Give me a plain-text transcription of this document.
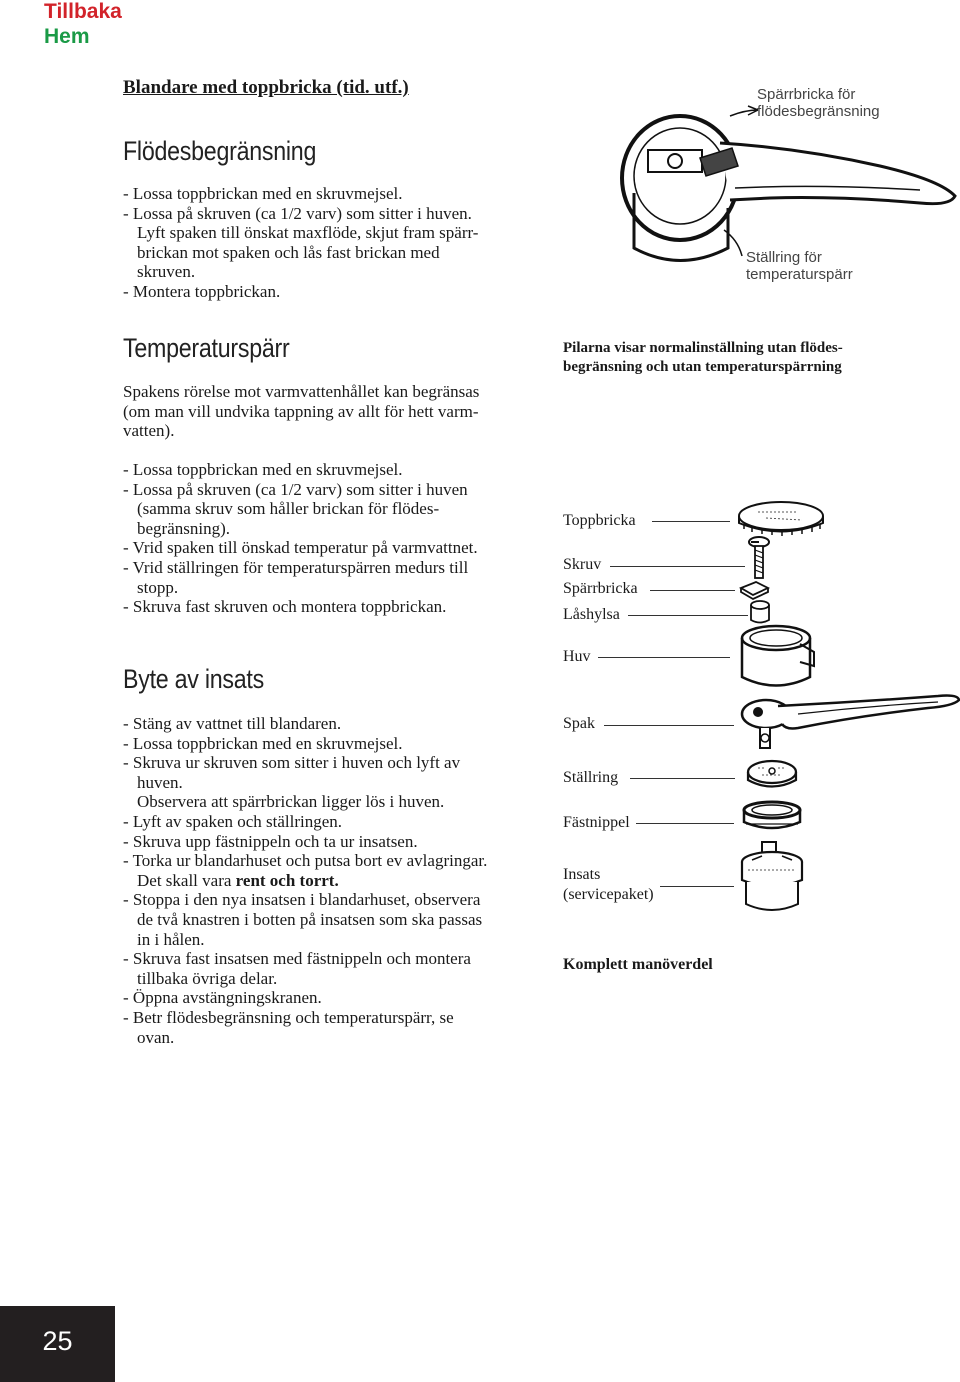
Tillbaka
Hem
Blandare med toppbricka (tid. utf.)
Flödesbegränsning
- Lossa toppbrickan med en skruvmejsel.
- Lossa på skruven (ca 1/2 varv) som sitter i huven.
Lyft spaken till önskat maxflöde, skjut fram spärr-
brickan mot spaken och lås fast brickan med
skruven.
- Montera toppbrickan.
Spärrbricka för
flödesbegränsning
Ställring för
temperaturspärr
Temperaturspärr

Spakens rörelse mot varmvattenhållet kan begränsas
(om man vill undvika tappning av allt för hett varm-
vatten).

- Lossa toppbrickan med en skruvmejsel.
- Lossa på skruven (ca 1/2 varv) som sitter i huven
(samma skruv som håller brickan för flödes-
begränsning).
- Vrid spaken till önskad temperatur på varmvattnet.
- Vrid ställringen för temperaturspärren medurs till
stopp.
- Skruva fast skruven och montera toppbrickan.
Pilarna visar normalinställning utan flödes-
begränsning och utan temperaturspärrning
Byte av insats
- Stäng av vattnet till blandaren.
- Lossa toppbrickan med en skruvmejsel.
- Skruva ur skruven som sitter i huven och lyft av
huven.
Observera att spärrbrickan ligger lös i huven.
- Lyft av spaken och ställringen.
- Skruva upp fästnippeln och ta ur insatsen.
- Torka ur blandarhuset och putsa bort ev avlagringar.
Det skall vara rent och torrt.
- Stoppa i den nya insatsen i blandarhuset, observera
de två knastren i botten på insatsen som ska passas
in i hålen.
- Skruva fast insatsen med fästnippeln och montera
tillbaka övriga delar.
- Öppna avstängningskranen.
- Betr flödesbegränsning och temperaturspärr, se
ovan.
Toppbricka
Skruv
Spärrbricka
Låshylsa
Huv
Spak
Ställring
Fästnippel
Insats
(servicepaket)
Komplett manöverdel
25
